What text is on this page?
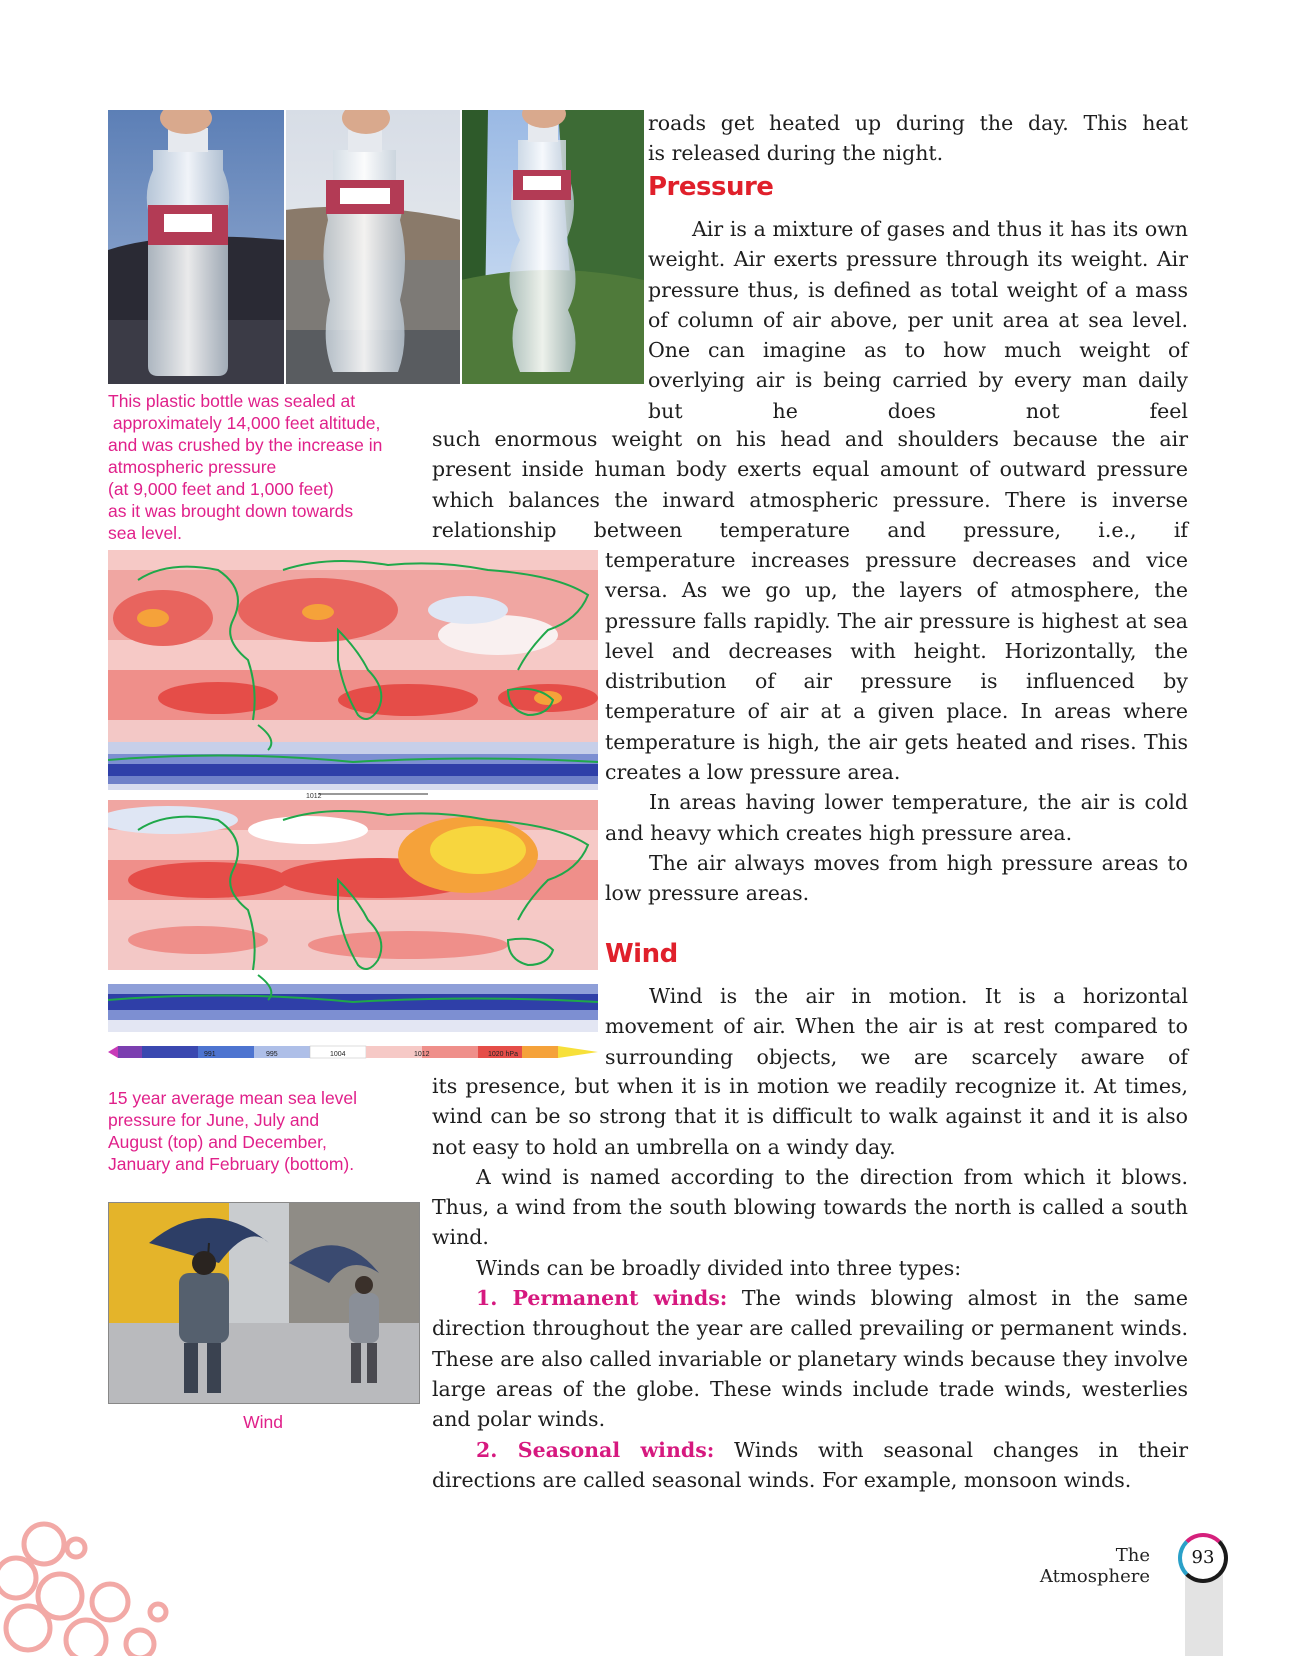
This plastic bottle was sealed at
approximately 14,000 feet altitude,
and was crushed by the increase in
atmospheric pressure
(at 9,000 feet and 1,000 feet)
as it was brought down towards
sea level.
1012
991	995	1004	1012	1020 hPa
15 year average mean sea level
pressure for June, July and
August (top) and December,
January and February (bottom).
Wind
roads get heated up during the day. This heat
is released during the night.
Pressure

Air is a mixture of gases and thus it has its own weight. Air exerts pressure through its weight. Air pressure thus, is defined as total weight of a mass of column of air above, per unit area at sea level. One can imagine as to how much weight of overlying air is being carried by every man daily but he does not feel

such enormous weight on his head and shoulders because the air present inside human body exerts equal amount of outward pressure which balances the inward atmospheric pressure. There is inverse relationship between temperature and pressure, i.e., if

temperature increases pressure decreases and vice versa. As we go up, the layers of atmosphere, the pressure falls rapidly. The air pressure is highest at sea level and decreases with height. Horizontally, the distribution of air pressure is influenced by temperature of air at a given place. In areas where temperature is high, the air gets heated and rises. This creates a low pressure area.

In areas having lower temperature, the air is cold and heavy which creates high pressure area.

The air always moves from high pressure areas to low pressure areas.

Wind

Wind is the air in motion. It is a horizontal movement of air. When the air is at rest compared to surrounding objects, we are scarcely aware of

its presence, but when it is in motion we readily recognize it. At times, wind can be so strong that it is difficult to walk against it and it is also not easy to hold an umbrella on a windy day.

A wind is named according to the direction from which it blows. Thus, a wind from the south blowing towards the north is called a south wind.

Winds can be broadly divided into three types:

1. Permanent winds: The winds blowing almost in the same direction throughout the year are called prevailing or permanent winds. These are also called invariable or planetary winds because they involve large areas of the globe. These winds include trade winds, westerlies and polar winds.

2. Seasonal winds: Winds with seasonal changes in their directions are called seasonal winds. For example, monsoon winds.

The Atmosphere
93
